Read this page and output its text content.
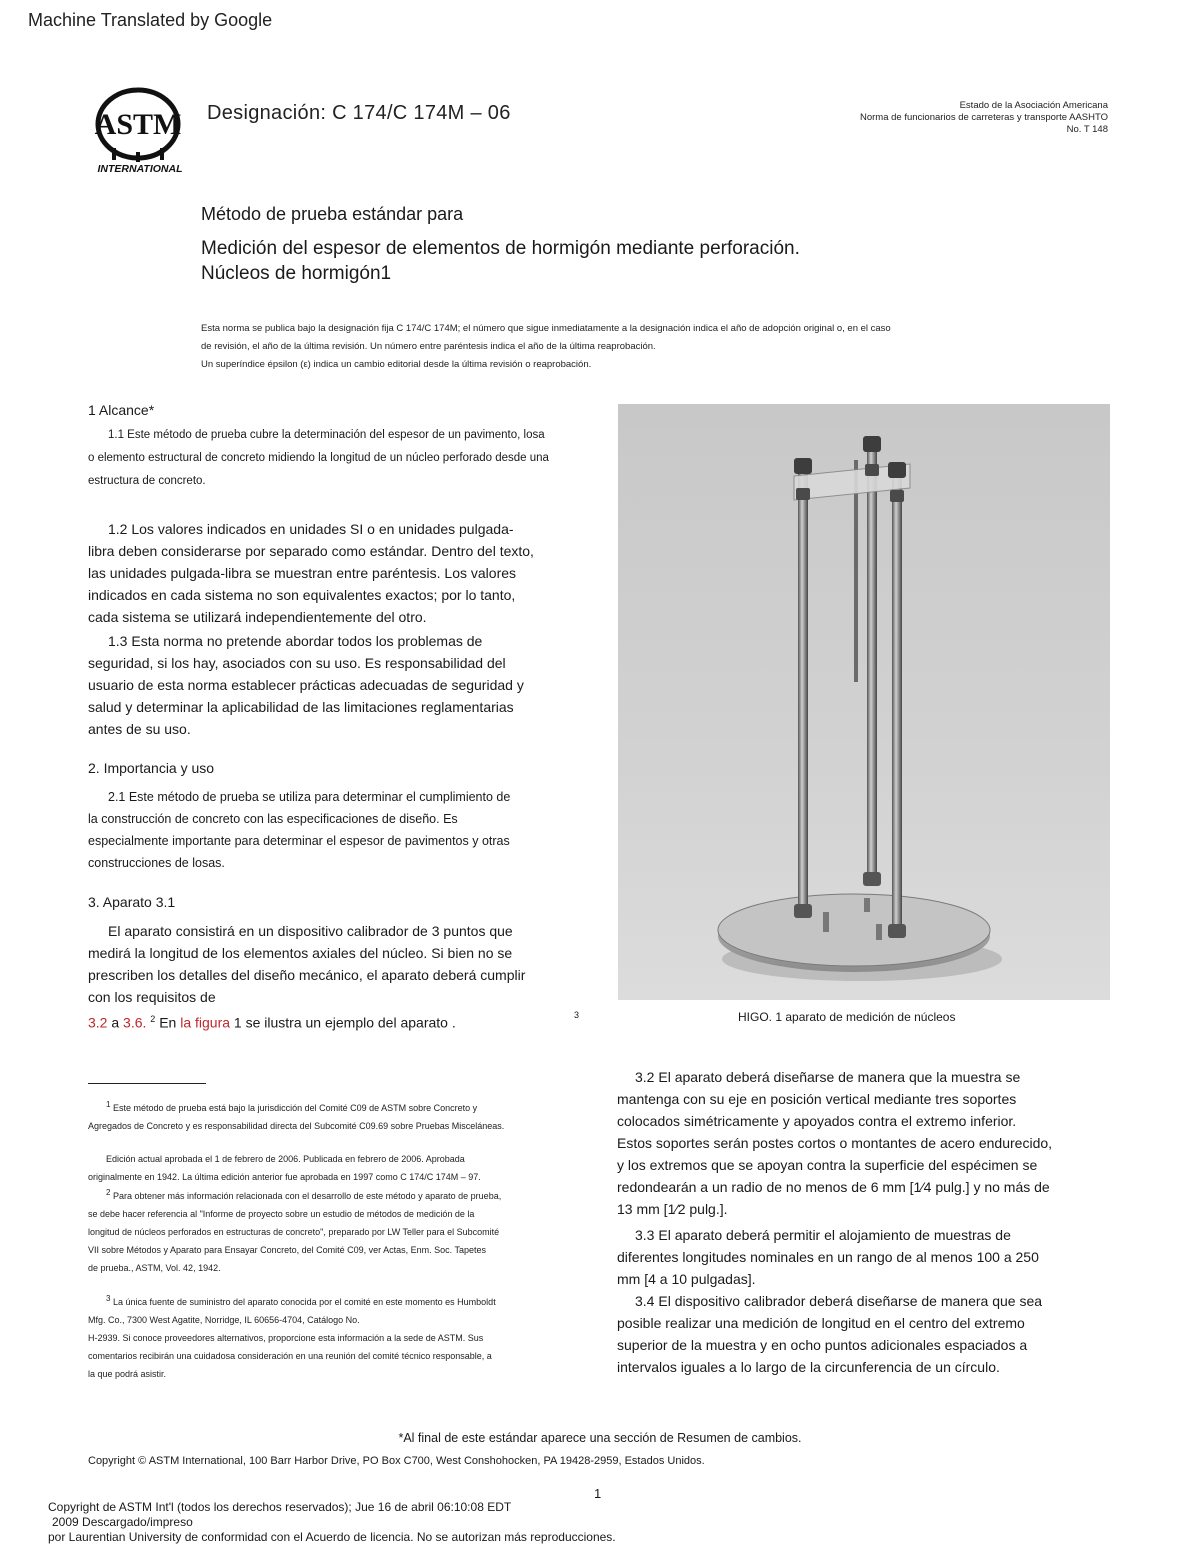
Machine Translated by Google
ASTM
INTERNATIONAL
Designación: C 174/C 174M – 06	Estado de la Asociación Americana
Norma de funcionarios de carreteras y transporte AASHTO
No. T 148
Método de prueba estándar para
Medición del espesor de elementos de hormigón mediante perforación.
Núcleos de hormigón1
Esta norma se publica bajo la designación fija C 174/C 174M; el número que sigue inmediatamente a la designación indica el año de adopción original o, en el caso
de revisión, el año de la última revisión. Un número entre paréntesis indica el año de la última reaprobación.
Un superíndice épsilon (ε) indica un cambio editorial desde la última revisión o reaprobación.
1 Alcance*
1.1 Este método de prueba cubre la determinación del espesor de un pavimento, losa
o elemento estructural de concreto midiendo la longitud de un núcleo perforado desde una
estructura de concreto.
1.2 Los valores indicados en unidades SI o en unidades pulgada-
libra deben considerarse por separado como estándar. Dentro del texto,
las unidades pulgada-libra se muestran entre paréntesis. Los valores
indicados en cada sistema no son equivalentes exactos; por lo tanto,
cada sistema se utilizará independientemente del otro.
1.3 Esta norma no pretende abordar todos los problemas de
seguridad, si los hay, asociados con su uso. Es responsabilidad del
usuario de esta norma establecer prácticas adecuadas de seguridad y
salud y determinar la aplicabilidad de las limitaciones reglamentarias
antes de su uso.
2. Importancia y uso
2.1 Este método de prueba se utiliza para determinar el cumplimiento de
la construcción de concreto con las especificaciones de diseño. Es
especialmente importante para determinar el espesor de pavimentos y otras
construcciones de losas.
3. Aparato 3.1
El aparato consistirá en un dispositivo calibrador de 3 puntos que
medirá la longitud de los elementos axiales del núcleo. Si bien no se
prescriben los detalles del diseño mecánico, el aparato deberá cumplir
con los requisitos de
3.2 a 3.6. $^2$ En la figura 1 se ilustra un ejemplo del aparato .	3	HIGO. 1 aparato de medición de núcleos
3.2 El aparato deberá diseñarse de manera que la muestra se
mantenga con su eje en posición vertical mediante tres soportes
colocados simétricamente y apoyados contra el extremo inferior.
Estos soportes serán postes cortos o montantes de acero endurecido,
y los extremos que se apoyan contra la superficie del espécimen se
redondearán a un radio de no menos de 6 mm [1⁄4 pulg.] y no más de
13 mm [1⁄2 pulg.].
3.3 El aparato deberá permitir el alojamiento de muestras de
diferentes longitudes nominales en un rango de al menos 100 a 250
mm [4 a 10 pulgadas].
3.4 El dispositivo calibrador deberá diseñarse de manera que sea
posible realizar una medición de longitud en el centro del extremo
superior de la muestra y en ocho puntos adicionales espaciados a
intervalos iguales a lo largo de la circunferencia de un círculo.
$^1$ Este método de prueba está bajo la jurisdicción del Comité C09 de ASTM sobre Concreto y
Agregados de Concreto y es responsabilidad directa del Subcomité C09.69 sobre Pruebas Misceláneas.
Edición actual aprobada el 1 de febrero de 2006. Publicada en febrero de 2006. Aprobada
originalmente en 1942. La última edición anterior fue aprobada en 1997 como C 174/C 174M – 97.
$^2$ Para obtener más información relacionada con el desarrollo de este método y aparato de prueba,
se debe hacer referencia al "Informe de proyecto sobre un estudio de métodos de medición de la
longitud de núcleos perforados en estructuras de concreto", preparado por LW Teller para el Subcomité
VII sobre Métodos y Aparato para Ensayar Concreto, del Comité C09, ver Actas, Enm. Soc. Tapetes
de prueba., ASTM, Vol. 42, 1942.
$^3$ La única fuente de suministro del aparato conocida por el comité en este momento es Humboldt
Mfg. Co., 7300 West Agatite, Norridge, IL 60656-4704, Catálogo No.
H-2939. Si conoce proveedores alternativos, proporcione esta información a la sede de ASTM. Sus
comentarios recibirán una cuidadosa consideración en una reunión del comité técnico responsable, a
la que podrá asistir.
*Al final de este estándar aparece una sección de Resumen de cambios.
Copyright © ASTM International, 100 Barr Harbor Drive, PO Box C700, West Conshohocken, PA 19428-2959, Estados Unidos.
1
Copyright de ASTM Int'l (todos los derechos reservados); Jue 16 de abril 06:10:08 EDT
2009 Descargado/impreso
por Laurentian University de conformidad con el Acuerdo de licencia. No se autorizan más reproducciones.
